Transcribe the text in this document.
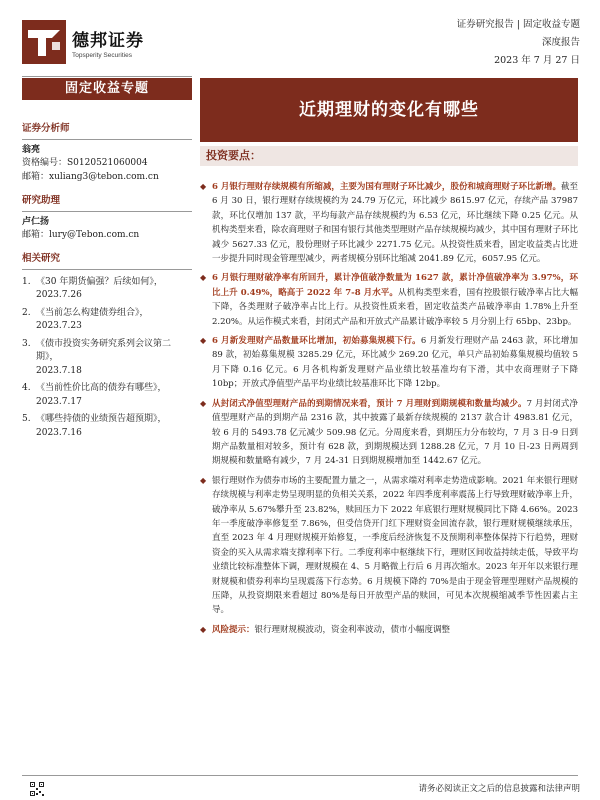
德邦证券
Topsperity Securities
证券研究报告 | 固定收益专题
深度报告
2023 年 7 月 27 日
固定收益专题
近期理财的变化有哪些
证券分析师
翁亮
资格编号：S0120521060004
邮箱：xuliang3@tebon.com.cn
研究助理
卢仁扬
邮箱：lury@Tebon.com.cn
相关研究
1. 《30 年期货偏强？后续如何》，
2023.7.26
2. 《当前怎么构建债券组合》，
2023.7.23
3. 《债市投资实务研究系列会议第二期》，
2023.7.18
4. 《当前性价比高的债券有哪些》，
2023.7.17
5. 《哪些持债的业绩预告超预期》，
2023.7.16
投资要点：
◆ 6 月银行理财存续规模有所缩减，主要为国有理财子环比减少，股份和城商理财子环比新增。截至 6 月 30 日，银行理财存续规模约为 24.79 万亿元，环比减少 8615.97 亿元，存续产品 37987 款，环比仅增加 137 款，平均每款产品存续规模约为 6.53 亿元，环比继续下降 0.25 亿元。从机构类型来看，除农商理财子和国有银行其他类型理财产品存续规模均减少，其中国有理财子环比减少 5627.33 亿元，股份理财子环比减少 2271.75 亿元。从投资性质来看，固定收益类占比进一步提升同时现金管理型减少，两者规模分别环比缩减 2041.89 亿元，6057.95 亿元。
◆ 6 月银行理财破净率有所回升，累计净值破净数量为 1627 款，累计净值破净率为 3.97%，环比上升 0.49%，略高于 2022 年 7-8 月水平。从机构类型来看，国有控股银行破净率占比大幅下降，各类理财子破净率占比上行。从投资性质来看，固定收益类产品破净率由 1.78%上升至 2.20%。从运作模式来看，封闭式产品和开放式产品累计破净率较 5 月分别上行 65bp、23bp。
◆ 6 月新发理财产品数量环比增加，初始募集规模下行。6 月新发行理财产品 2463 款，环比增加 89 款，初始募集规模 3285.29 亿元，环比减少 269.20 亿元，单只产品初始募集规模均值较 5 月下降 0.16 亿元。6 月各机构新发理财产品业绩比较基准均有下滑，其中农商理财子下降 10bp；开放式净值型产品平均业绩比较基准环比下降 12bp。
◆ 从封闭式净值型理财产品的到期情况来看，预计 7 月理财到期规模和数量均减少。7 月封闭式净值型理财产品的到期产品 2316 款，其中披露了最新存续规模的 2137 款合计 4983.81 亿元，较 6 月的 5493.78 亿元减少 509.98 亿元。分周度来看，到期压力分布较均，7 月 3 日-9 日到期产品数量相对较多，预计有 628 款，到期规模达到 1288.28 亿元，7 月 10 日-23 日两周到期规模和数量略有减少，7 月 24-31 日到期规模增加至 1442.67 亿元。
◆ 银行理财作为债券市场的主要配置力量之一，从需求端对利率走势造成影响。2021 年来银行理财存续规模与利率走势呈现明显的负相关关系，2022 年四季度利率震荡上行导致理财破净率上升，破净率从 5.67%攀升至 23.82%，赎回压力下 2022 年底银行理财规模同比下降 4.66%。2023 年一季度破净率修复至 7.86%，但受信贷开门红下理财资金回流存款，银行理财规模继续承压，直至 2023 年 4 月理财规模开始修复，一季度后经济恢复不及预期利率整体保持下行趋势，理财资金的买入从需求端支撑利率下行。二季度利率中枢继续下行，理财区间收益持续走低，导致平均业绩比较标准整体下调，理财规模在 4、5 月略微上行后 6 月再次缩水。2023 年开年以来银行理财规模和债券利率均呈现震荡下行态势。6 月规模下降约 70%是由于现金管理型理财产品规模的压降，从投资期限来看超过 80%是每日开放型产品的赎回，可见本次规模缩减季节性因素占主导。
◆ 风险提示：银行理财规模波动，资金利率波动，债市小幅度调整
请务必阅读正文之后的信息披露和法律声明
